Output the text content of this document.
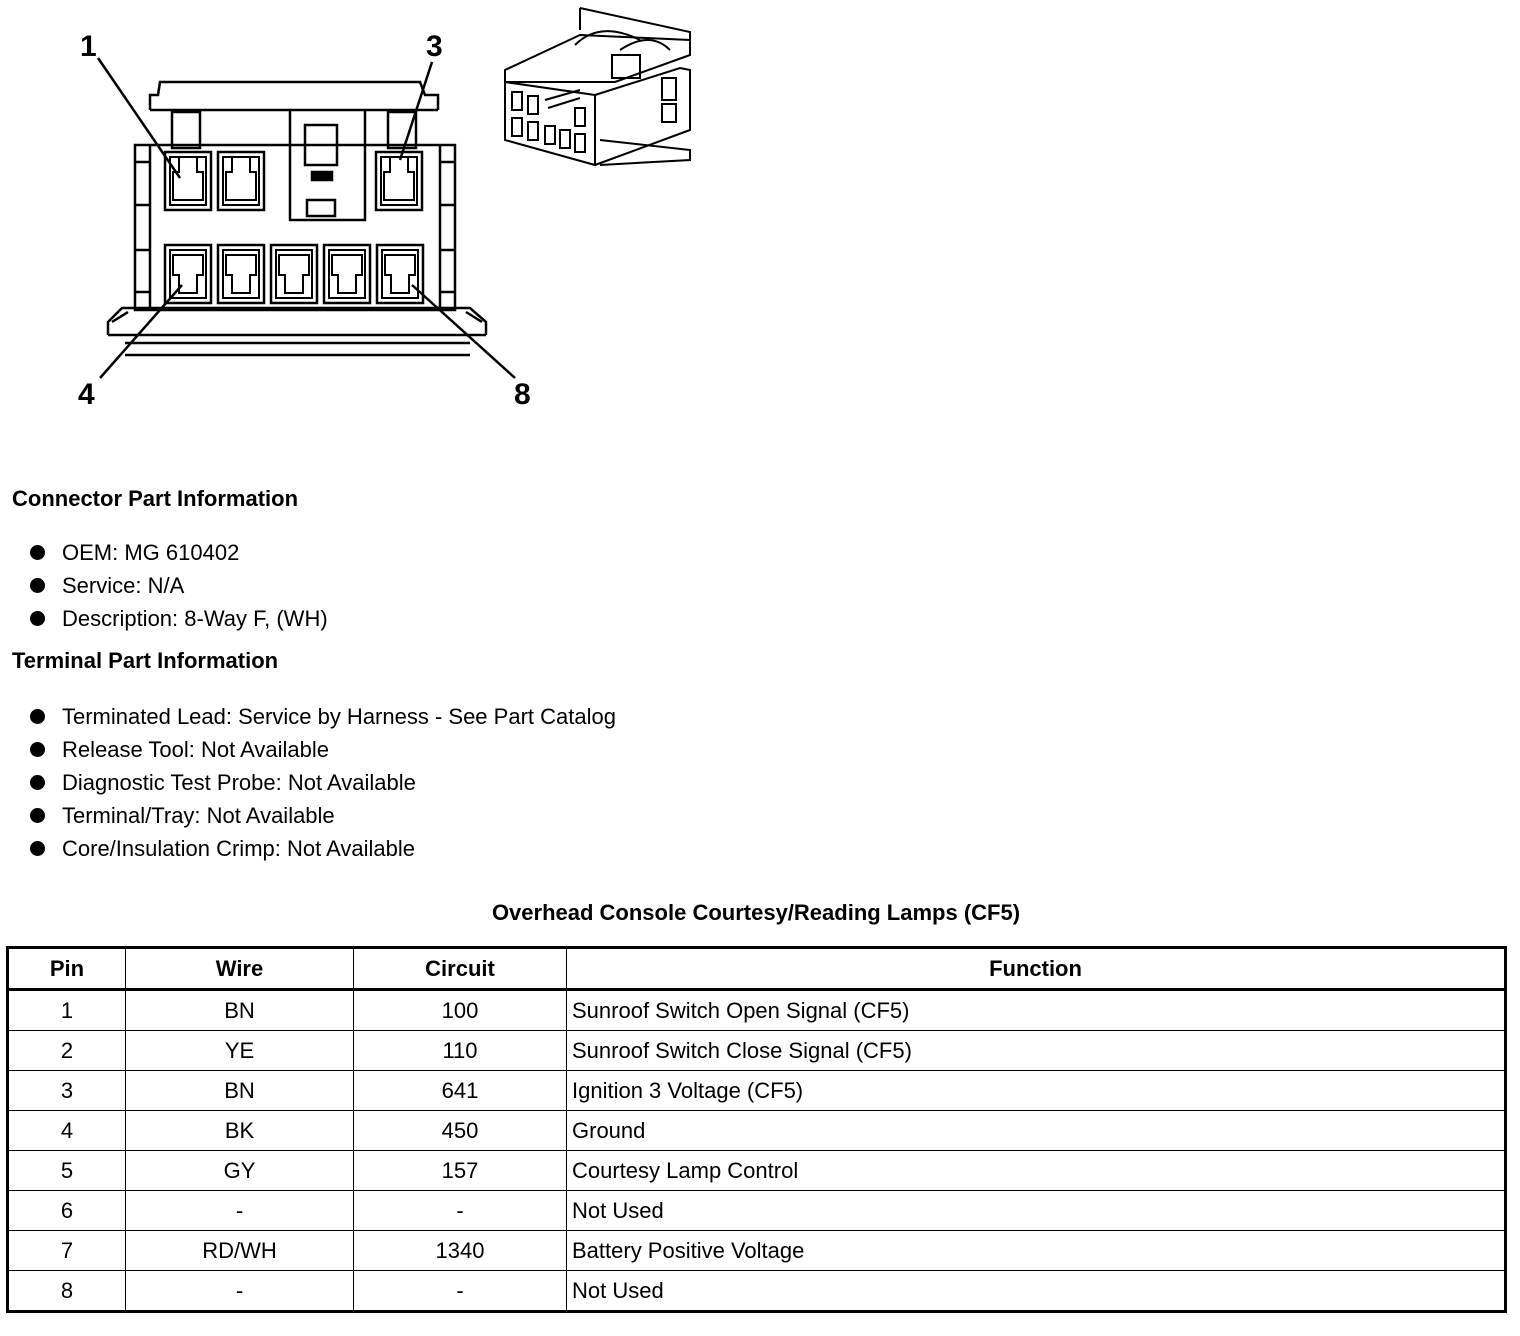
1	3
4	8
Connector Part Information
OEM: MG 610402
Service: N/A
Description: 8-Way F, (WH)
Terminal Part Information
Terminated Lead: Service by Harness - See Part Catalog
Release Tool: Not Available
Diagnostic Test Probe: Not Available
Terminal/Tray: Not Available
Core/Insulation Crimp: Not Available
Overhead Console Courtesy/Reading Lamps (CF5)
Pin	Wire	Circuit	Function
1	BN	100	Sunroof Switch Open Signal (CF5)
2	YE	110	Sunroof Switch Close Signal (CF5)
3	BN	641	Ignition 3 Voltage (CF5)
4	BK	450	Ground
5	GY	157	Courtesy Lamp Control
6	-	-	Not Used
7	RD/WH	1340	Battery Positive Voltage
8	-	-	Not Used
